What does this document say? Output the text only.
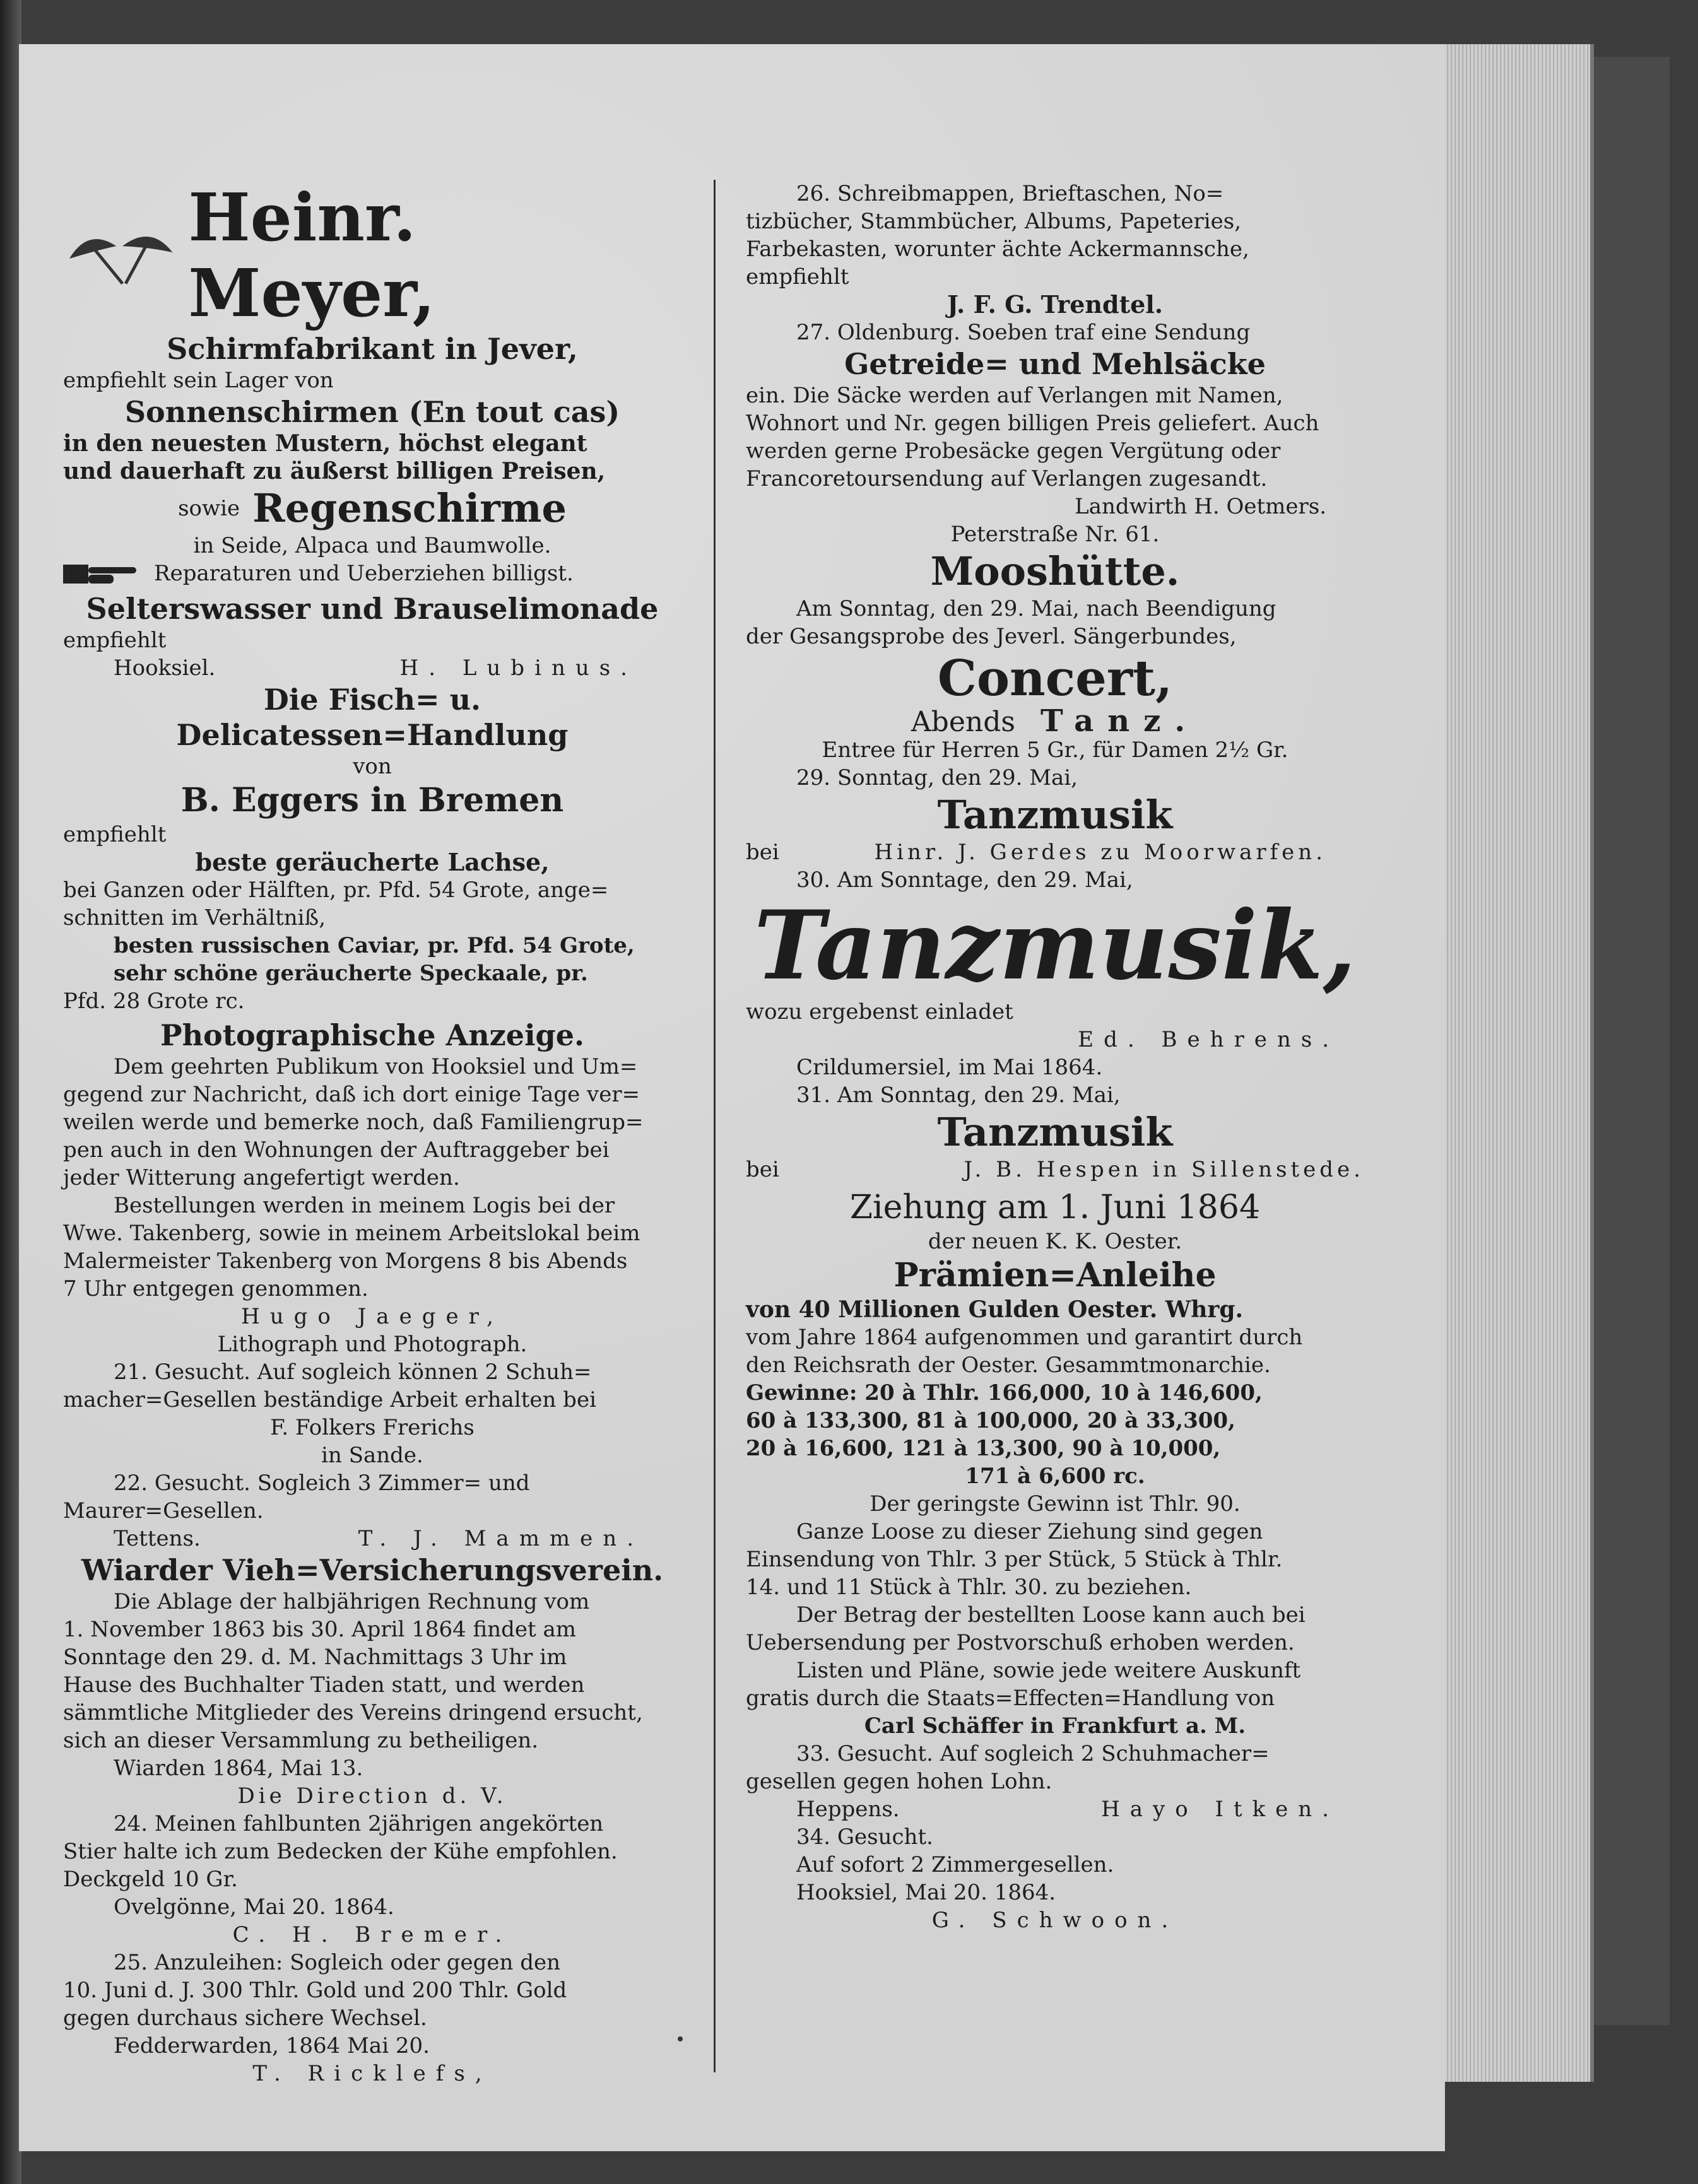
Heinr. Meyer,

Schirmfabrikant in Jever,

empfiehlt sein Lager von

Sonnenschirmen (En tout cas)

in den neuesten Mustern, höchst elegant

und dauerhaft zu äußerst billigen Preisen,

sowie Regenschirme

in Seide, Alpaca und Baumwolle.

Reparaturen und Ueberziehen billigst.

Selterswasser und Brauselimonade

empfiehlt

Hooksiel.	H. Lubinus.

Die Fisch= u. Delicatessen=Handlung

von

B. Eggers in Bremen

empfiehlt

beste geräucherte Lachse,

bei Ganzen oder Hälften, pr. Pfd. 54 Grote, ange=

schnitten im Verhältniß,

besten russischen Caviar, pr. Pfd. 54 Grote,

sehr schöne geräucherte Speckaale, pr.

Pfd. 28 Grote rc.

Photographische Anzeige.

Dem geehrten Publikum von Hooksiel und Um=

gegend zur Nachricht, daß ich dort einige Tage ver=

weilen werde und bemerke noch, daß Familiengrup=

pen auch in den Wohnungen der Auftraggeber bei

jeder Witterung angefertigt werden.

Bestellungen werden in meinem Logis bei der

Wwe. Takenberg, sowie in meinem Arbeitslokal beim

Malermeister Takenberg von Morgens 8 bis Abends

7 Uhr entgegen genommen.

Hugo Jaeger,

Lithograph und Photograph.

21. Gesucht. Auf sogleich können 2 Schuh=

macher=Gesellen beständige Arbeit erhalten bei

F. Folkers Frerichs

in Sande.

22. Gesucht. Sogleich 3 Zimmer= und

Maurer=Gesellen.

Tettens.	T. J. Mammen.

Wiarder Vieh=Versicherungsverein.

Die Ablage der halbjährigen Rechnung vom

1. November 1863 bis 30. April 1864 findet am

Sonntage den 29. d. M. Nachmittags 3 Uhr im

Hause des Buchhalter Tiaden statt, und werden

sämmtliche Mitglieder des Vereins dringend ersucht,

sich an dieser Versammlung zu betheiligen.

Wiarden 1864, Mai 13.

Die Direction d. V.

24. Meinen fahlbunten 2jährigen angekörten

Stier halte ich zum Bedecken der Kühe empfohlen.

Deckgeld 10 Gr.

Ovelgönne, Mai 20. 1864.

C. H. Bremer.

25. Anzuleihen: Sogleich oder gegen den

10. Juni d. J. 300 Thlr. Gold und 200 Thlr. Gold

gegen durchaus sichere Wechsel.

Fedderwarden, 1864 Mai 20.

T. Ricklefs,

26. Schreibmappen, Brieftaschen, No=

tizbücher, Stammbücher, Albums, Papeteries,

Farbekasten, worunter ächte Ackermannsche,

empfiehlt

J. F. G. Trendtel.

27. Oldenburg. Soeben traf eine Sendung

Getreide= und Mehlsäcke

ein. Die Säcke werden auf Verlangen mit Namen,

Wohnort und Nr. gegen billigen Preis geliefert. Auch

werden gerne Probesäcke gegen Vergütung oder

Francoretoursendung auf Verlangen zugesandt.

Landwirth H. Oetmers.

Peterstraße Nr. 61.

Mooshütte.

Am Sonntag, den 29. Mai, nach Beendigung

der Gesangsprobe des Jeverl. Sängerbundes,

Concert,

Abends Tanz.

Entree für Herren 5 Gr., für Damen 2½ Gr.

29. Sonntag, den 29. Mai,

Tanzmusik

bei	Hinr. J. Gerdes zu Moorwarfen.

30. Am Sonntage, den 29. Mai,

Tanzmusik,

wozu ergebenst einladet

Ed. Behrens.

Crildumersiel, im Mai 1864.

31. Am Sonntag, den 29. Mai,

Tanzmusik

bei	J. B. Hespen in Sillenstede.

Ziehung am 1. Juni 1864

der neuen K. K. Oester.

Prämien=Anleihe

von 40 Millionen Gulden Oester. Whrg.

vom Jahre 1864 aufgenommen und garantirt durch

den Reichsrath der Oester. Gesammtmonarchie.

Gewinne: 20 à Thlr. 166,000, 10 à 146,600,

60 à 133,300, 81 à 100,000, 20 à 33,300,

20 à 16,600, 121 à 13,300, 90 à 10,000,

171 à 6,600 rc.

Der geringste Gewinn ist Thlr. 90.

Ganze Loose zu dieser Ziehung sind gegen

Einsendung von Thlr. 3 per Stück, 5 Stück à Thlr.

14. und 11 Stück à Thlr. 30. zu beziehen.

Der Betrag der bestellten Loose kann auch bei

Uebersendung per Postvorschuß erhoben werden.

Listen und Pläne, sowie jede weitere Auskunft

gratis durch die Staats=Effecten=Handlung von

Carl Schäffer in Frankfurt a. M.

33. Gesucht. Auf sogleich 2 Schuhmacher=

gesellen gegen hohen Lohn.

Heppens.	Hayo Itken.

34. Gesucht.

Auf sofort 2 Zimmergesellen.

Hooksiel, Mai 20. 1864.

G. Schwoon.
